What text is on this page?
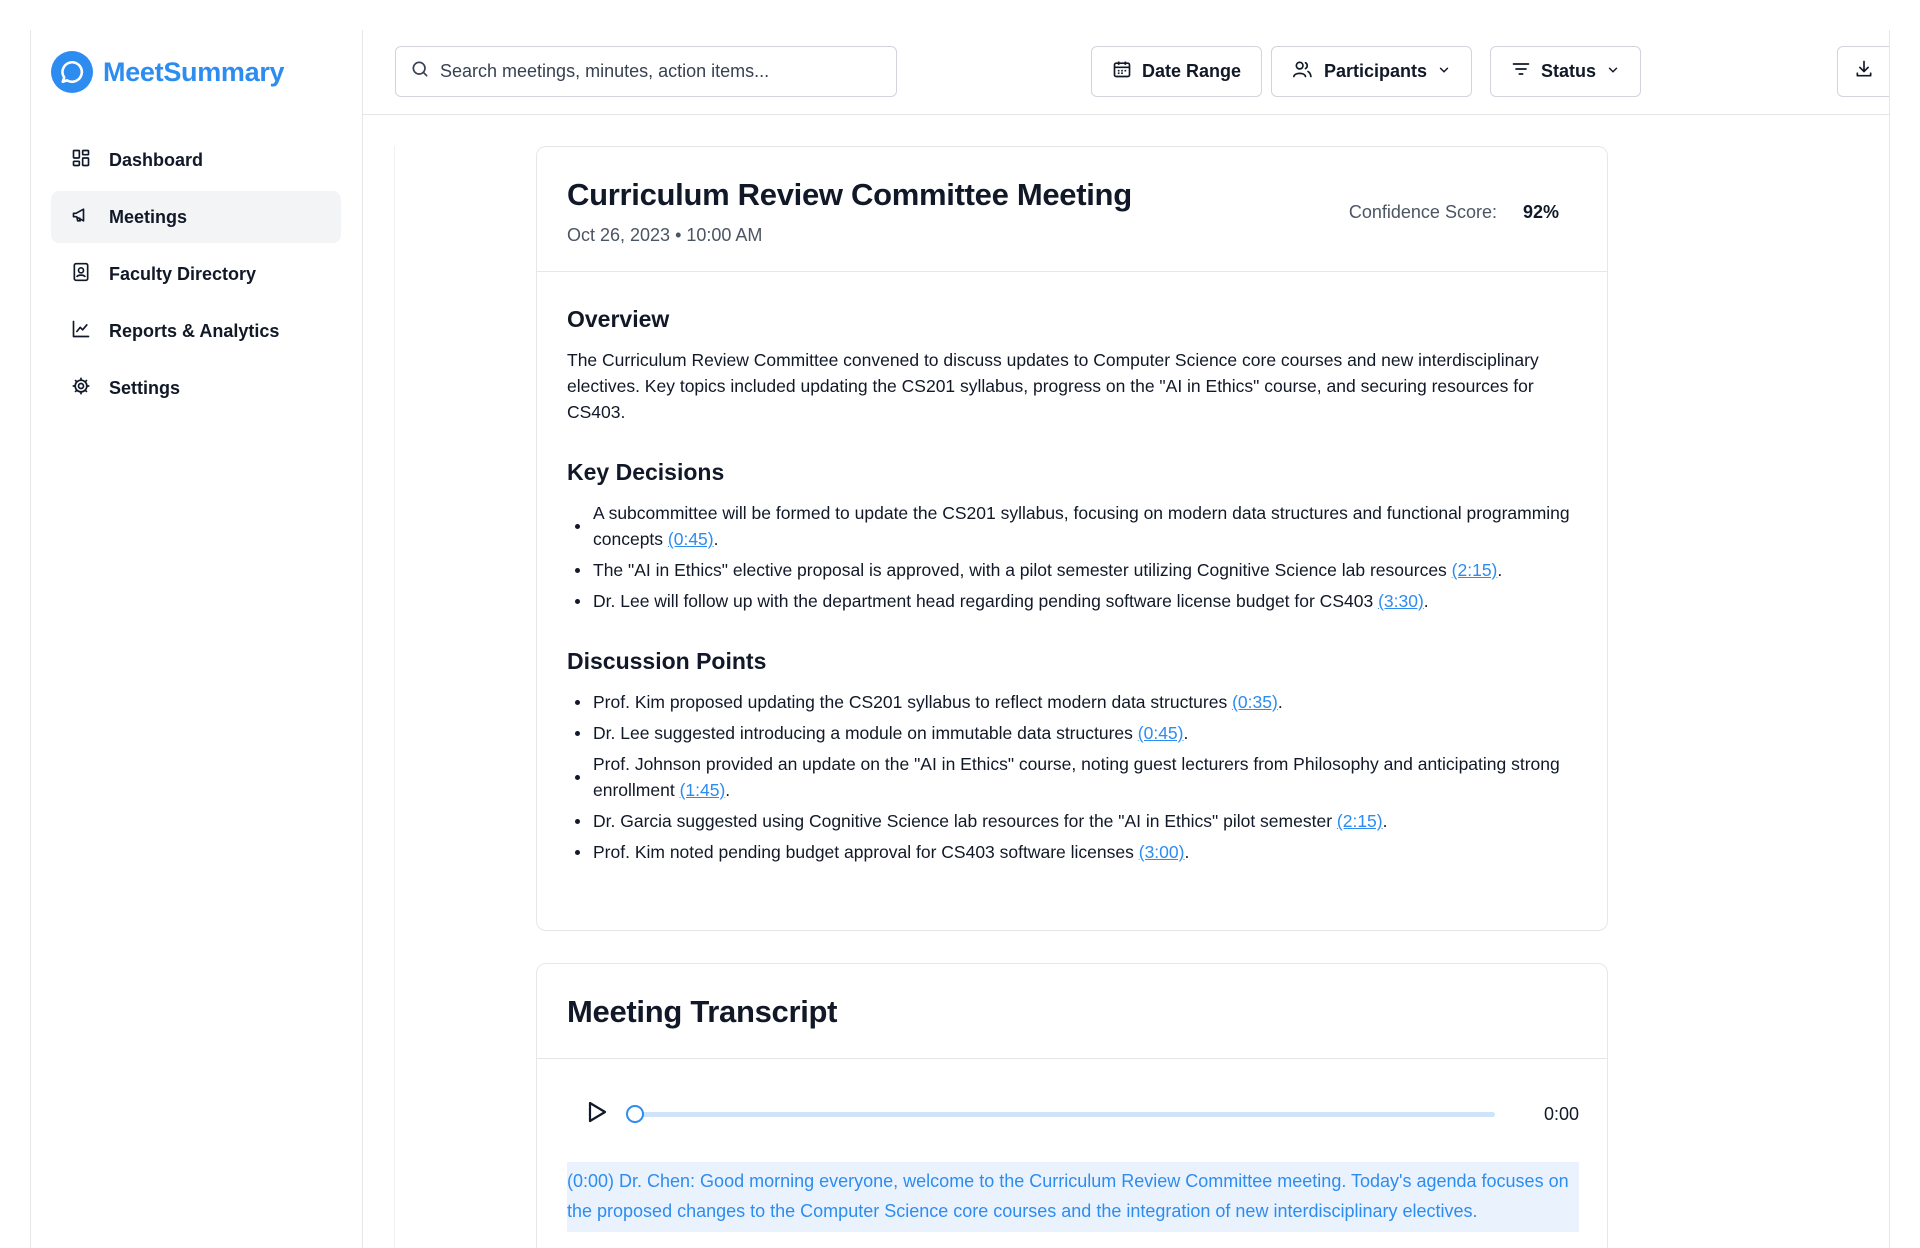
MeetSummary
Dashboard
Meetings
Faculty Directory
Reports & Analytics
Settings
Search meetings, minutes, action items...
Date Range	Participants	Status
Curriculum Review Committee Meeting
Oct 26, 2023 • 10:00 AM
Confidence Score: 92%
Overview

The Curriculum Review Committee convened to discuss updates to Computer Science core courses and new interdisciplinary electives. Key topics included updating the CS201 syllabus, progress on the "AI in Ethics" course, and securing resources for CS403.

Key Decisions
A subcommittee will be formed to update the CS201 syllabus, focusing on modern data structures and functional programming concepts (0:45).
The "AI in Ethics" elective proposal is approved, with a pilot semester utilizing Cognitive Science lab resources (2:15).
Dr. Lee will follow up with the department head regarding pending software license budget for CS403 (3:30).
Discussion Points
Prof. Kim proposed updating the CS201 syllabus to reflect modern data structures (0:35).
Dr. Lee suggested introducing a module on immutable data structures (0:45).
Prof. Johnson provided an update on the "AI in Ethics" course, noting guest lecturers from Philosophy and anticipating strong enrollment (1:45).
Dr. Garcia suggested using Cognitive Science lab resources for the "AI in Ethics" pilot semester (2:15).
Prof. Kim noted pending budget approval for CS403 software licenses (3:00).
Meeting Transcript
0:00
(0:00) Dr. Chen: Good morning everyone, welcome to the Curriculum Review Committee meeting. Today's agenda focuses on the proposed changes to the Computer Science core courses and the integration of new interdisciplinary electives.
